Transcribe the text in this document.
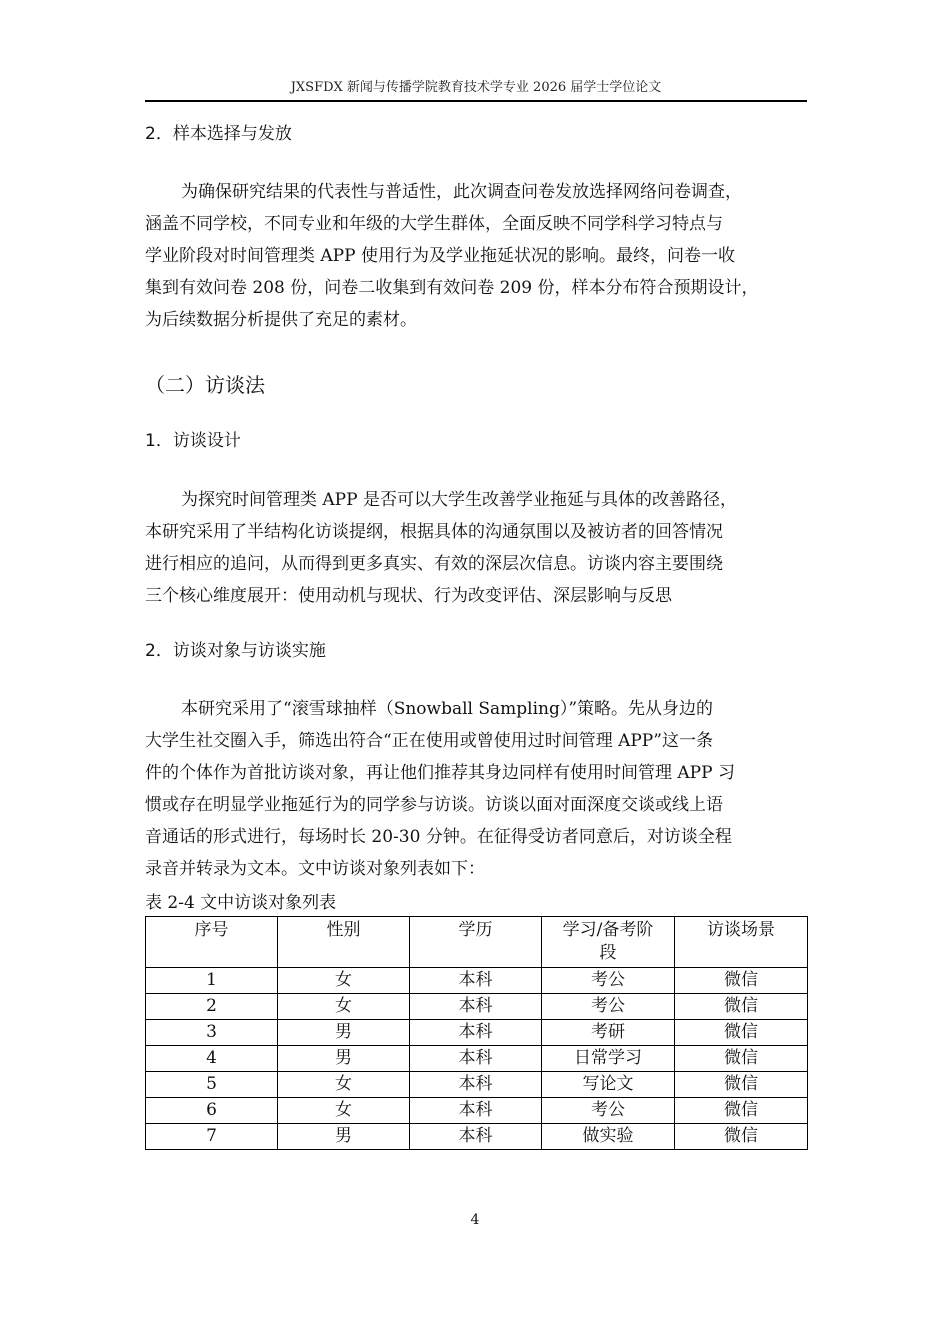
JXSFDX 新闻与传播学院教育技术学专业 2026 届学士学位论文
2．样本选择与发放
为确保研究结果的代表性与普适性，此次调查问卷发放选择网络问卷调查，
涵盖不同学校，不同专业和年级的大学生群体，全面反映不同学科学习特点与
学业阶段对时间管理类 APP 使用行为及学业拖延状况的影响。最终，问卷一收
集到有效问卷 208 份，问卷二收集到有效问卷 209 份，样本分布符合预期设计，
为后续数据分析提供了充足的素材。
（二）访谈法
1．访谈设计
为探究时间管理类 APP 是否可以大学生改善学业拖延与具体的改善路径，
本研究采用了半结构化访谈提纲，根据具体的沟通氛围以及被访者的回答情况
进行相应的追问，从而得到更多真实、有效的深层次信息。访谈内容主要围绕
三个核心维度展开：使用动机与现状、行为改变评估、深层影响与反思
2．访谈对象与访谈实施
本研究采用了“滚雪球抽样（Snowball Sampling）”策略。先从身边的
大学生社交圈入手，筛选出符合“正在使用或曾使用过时间管理 APP”这一条
件的个体作为首批访谈对象，再让他们推荐其身边同样有使用时间管理 APP 习
惯或存在明显学业拖延行为的同学参与访谈。访谈以面对面深度交谈或线上语
音通话的形式进行，每场时长 20-30 分钟。在征得受访者同意后，对访谈全程
录音并转录为文本。文中访谈对象列表如下：
表 2-4 文中访谈对象列表
序号	性别	学历	学习/备考阶段	访谈场景
1	女	本科	考公	微信
2	女	本科	考公	微信
3	男	本科	考研	微信
4	男	本科	日常学习	微信
5	女	本科	写论文	微信
6	女	本科	考公	微信
7	男	本科	做实验	微信
4
